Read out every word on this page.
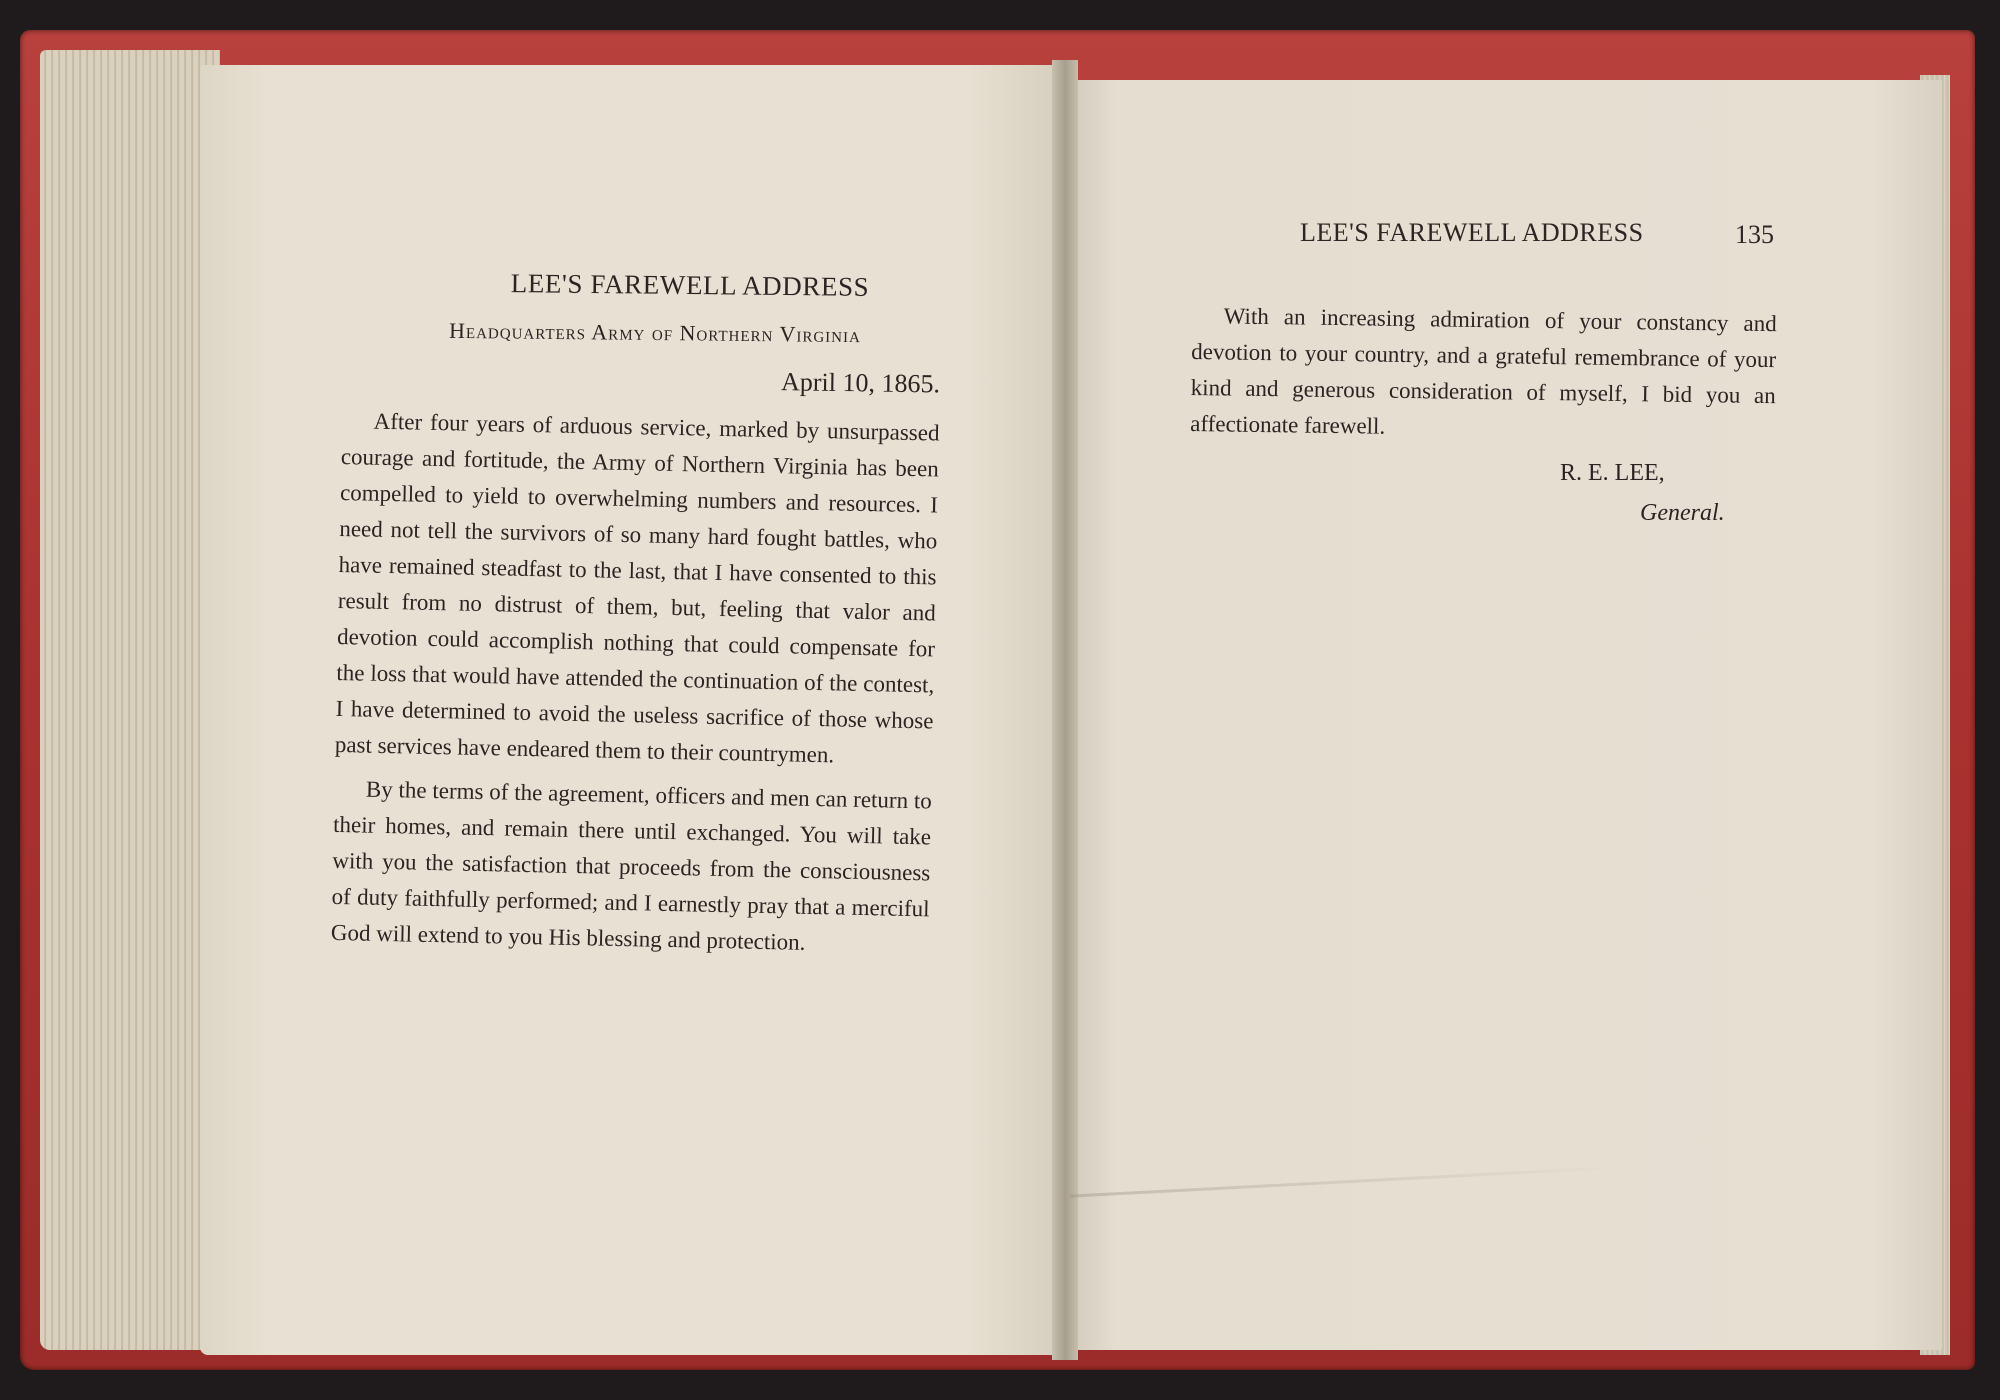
LEE'S FAREWELL ADDRESS
Headquarters Army of Northern Virginia
April 10, 1865.

After four years of arduous service, marked by unsurpassed courage and fortitude, the Army of Northern Virginia has been compelled to yield to overwhelming numbers and resources. I need not tell the survivors of so many hard fought battles, who have remained steadfast to the last, that I have consented to this result from no distrust of them, but, feeling that valor and devotion could accomplish nothing that could compensate for the loss that would have attended the continuation of the contest, I have determined to avoid the useless sacrifice of those whose past services have endeared them to their countrymen.

By the terms of the agreement, officers and men can return to their homes, and remain there until exchanged. You will take with you the satisfaction that proceeds from the consciousness of duty faithfully performed; and I earnestly pray that a merciful God will extend to you His blessing and protection.

LEE'S FAREWELL ADDRESS	135

With an increasing admiration of your constancy and devotion to your country, and a grateful remembrance of your kind and generous consideration of myself, I bid you an affectionate farewell.

R. E. LEE,
General.
